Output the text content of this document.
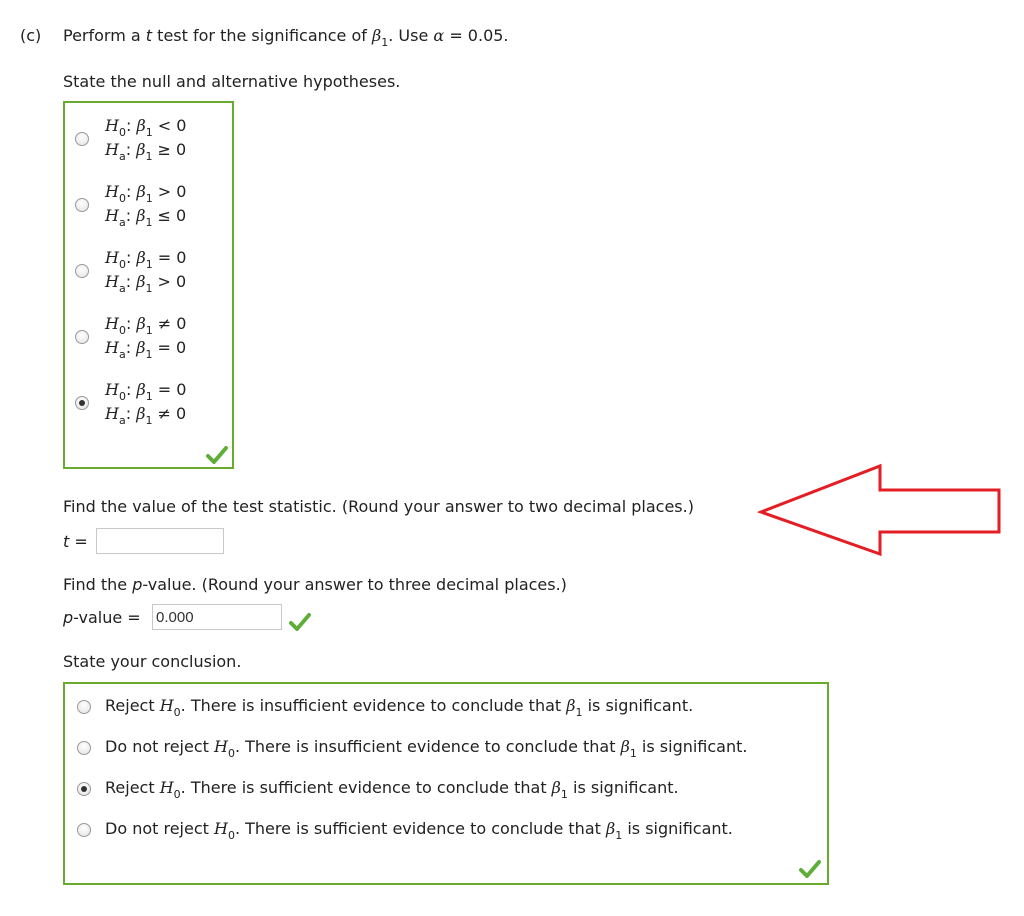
(c) Perform a t test for the significance of $\beta_1$. Use α = 0.05.
State the null and alternative hypotheses.
$H_0$: $\beta_1 < 0$
$H_a$: $\beta_1 \ge 0$
$H_0$: $\beta_1 > 0$
$H_a$: $\beta_1 \le 0$
$H_0$: $\beta_1 = 0$
$H_a$: $\beta_1 > 0$
$H_0$: $\beta_1 \ne 0$
$H_a$: $\beta_1 = 0$
$H_0$: $\beta_1 = 0$
$H_a$: $\beta_1 \ne 0$
Find the value of the test statistic. (Round your answer to two decimal places.)
t =
Find the p-value. (Round your answer to three decimal places.)
p-value =
0.000
State your conclusion.
Reject $H_0$. There is insufficient evidence to conclude that $\beta_1$ is significant.
Do not reject $H_0$. There is insufficient evidence to conclude that $\beta_1$ is significant.
Reject $H_0$. There is sufficient evidence to conclude that $\beta_1$ is significant.
Do not reject $H_0$. There is sufficient evidence to conclude that $\beta_1$ is significant.
